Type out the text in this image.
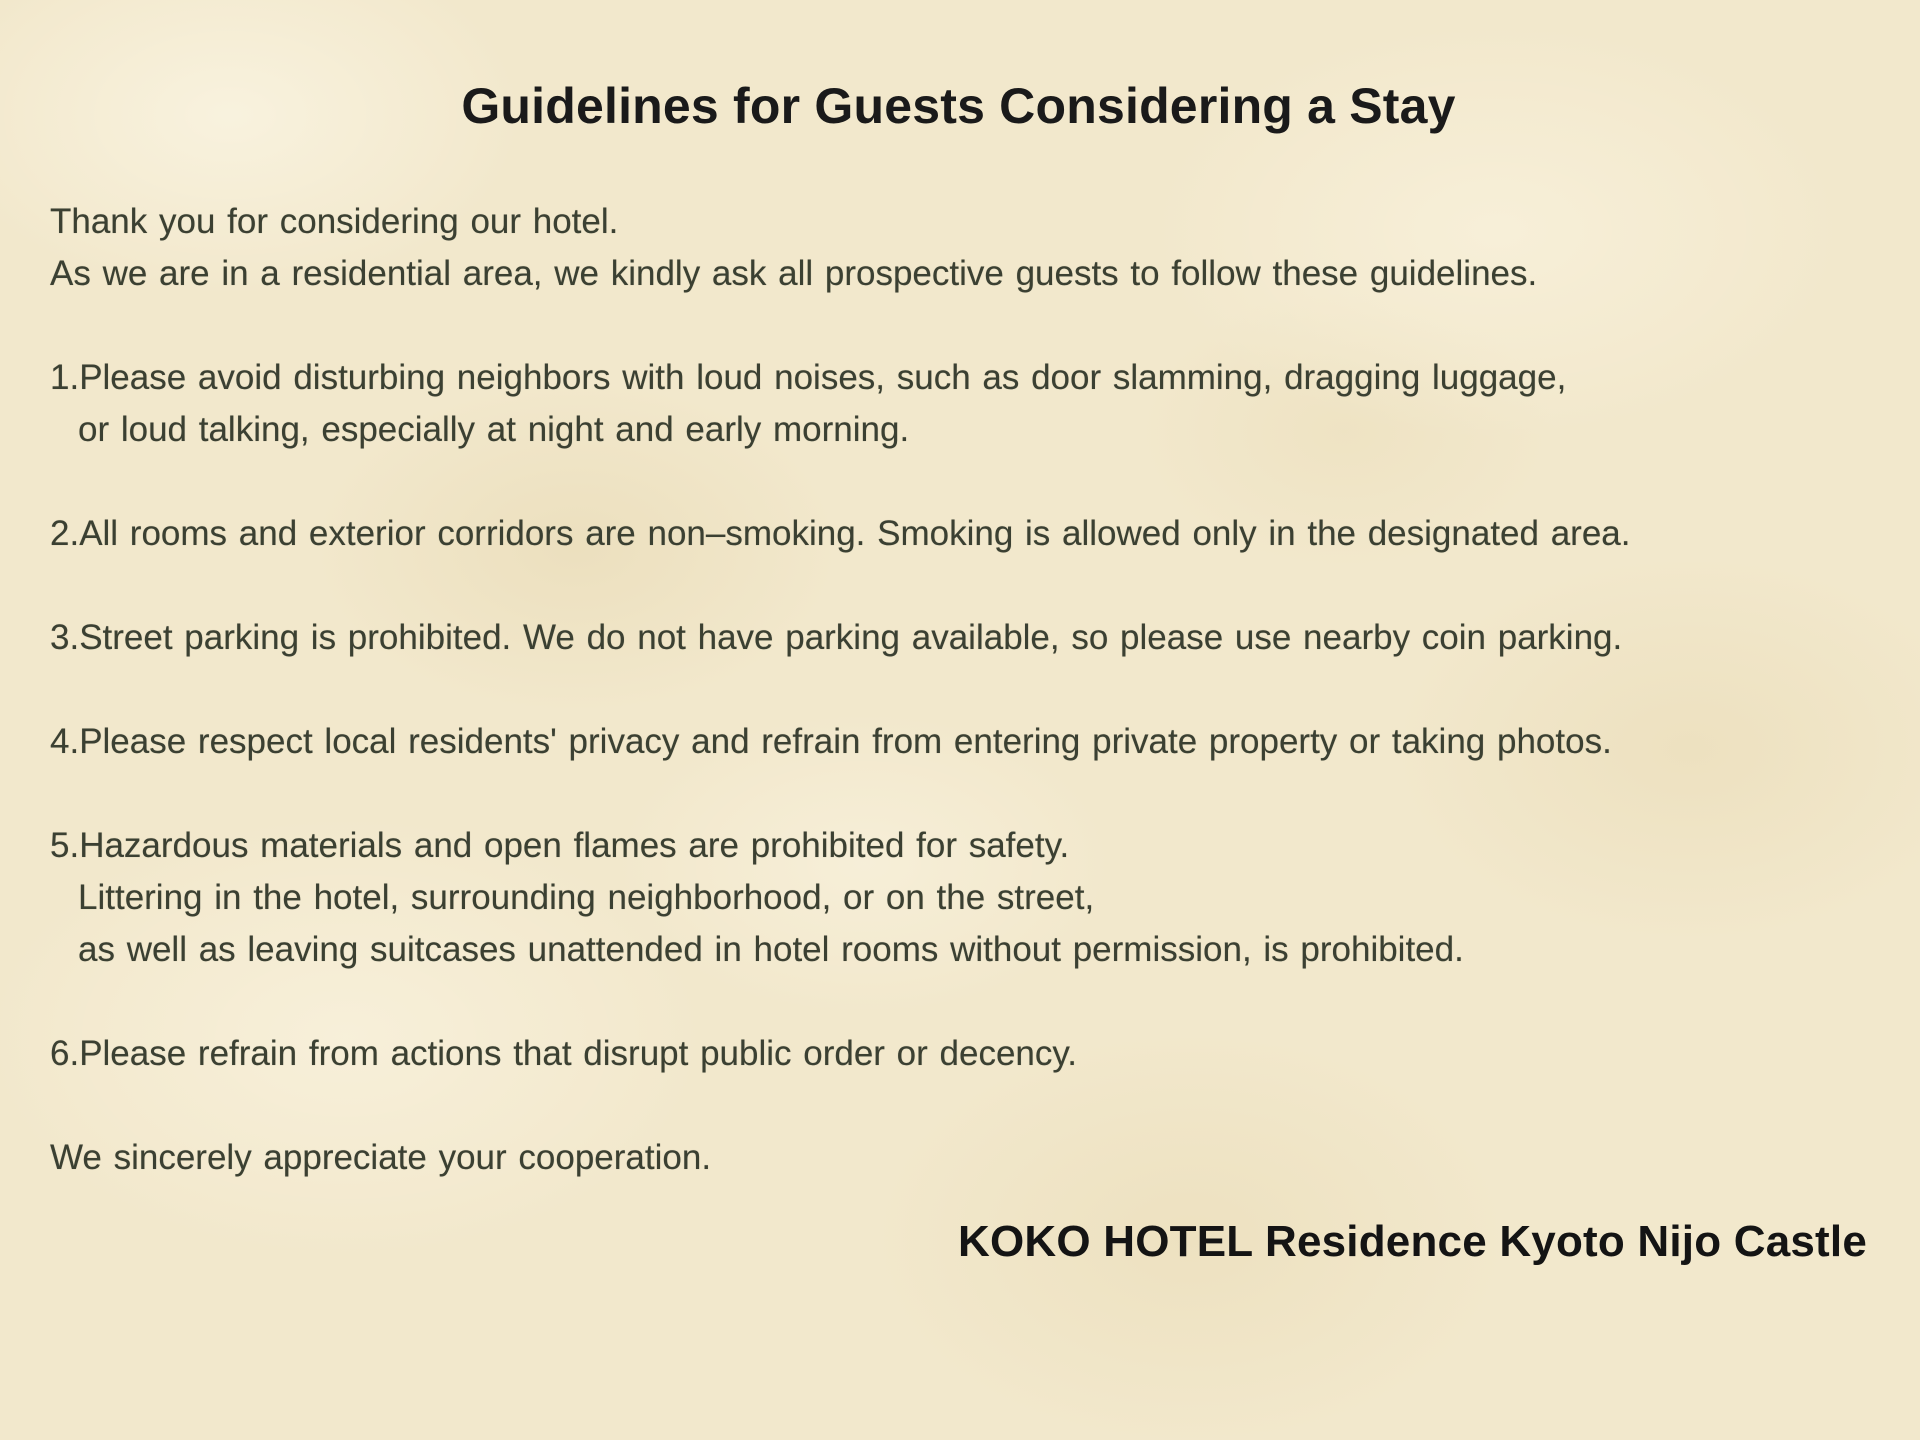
Guidelines for Guests Considering a Stay
Thank you for considering our hotel.
As we are in a residential area, we kindly ask all prospective guests to follow these guidelines.
1.Please avoid disturbing neighbors with loud noises, such as door slamming, dragging luggage,
or loud talking, especially at night and early morning.
2.All rooms and exterior corridors are non–smoking. Smoking is allowed only in the designated area.
3.Street parking is prohibited. We do not have parking available, so please use nearby coin parking.
4.Please respect local residents' privacy and refrain from entering private property or taking photos.
5.Hazardous materials and open flames are prohibited for safety.
Littering in the hotel, surrounding neighborhood, or on the street,
as well as leaving suitcases unattended in hotel rooms without permission, is prohibited.
6.Please refrain from actions that disrupt public order or decency.
We sincerely appreciate your cooperation.
KOKO HOTEL Residence Kyoto Nijo Castle
